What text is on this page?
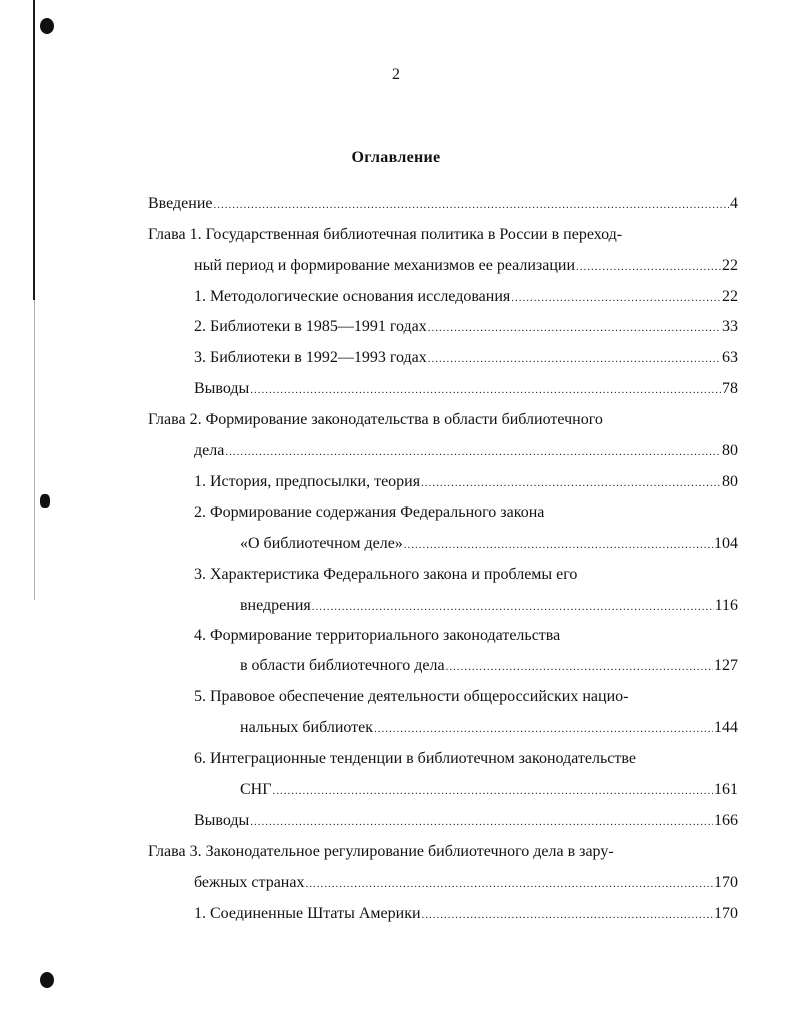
2
Оглавление
Введение .....	4
Глава 1. Государственная библиотечная политика в России в переход-
ный период и формирование механизмов ее реализации .....	22
1. Методологические основания исследования .....	22
2. Библиотеки в 1985—1991 годах .....	33
3. Библиотеки в 1992—1993 годах .....	63
Выводы .....	78
Глава 2. Формирование законодательства в области библиотечного
дела .....	80
1. История, предпосылки, теория .....	80
2. Формирование содержания Федерального закона
«О библиотечном деле» .....	104
3. Характеристика Федерального закона и проблемы его
внедрения .....	116
4. Формирование территориального законодательства
в области библиотечного дела .....	127
5. Правовое обеспечение деятельности общероссийских нацио-
нальных библиотек .....	144
6. Интеграционные тенденции в библиотечном законодательстве
СНГ .....	161
Выводы .....	166
Глава 3. Законодательное регулирование библиотечного дела в зару-
бежных странах .....	170
1. Соединенные Штаты Америки .....	170
